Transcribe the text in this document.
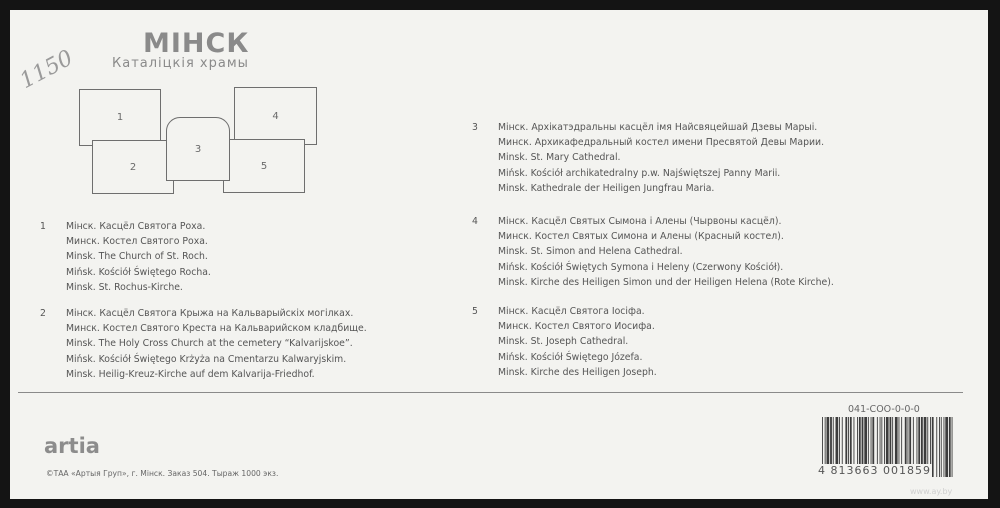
МІНСК
Каталіцкія храмы
1150
1	4
2	5
3
1 Мінск. Касцёл Святога Роха.
Минск. Костел Святого Роха.
Minsk. The Church of St. Roch.
Mińsk. Kościół Świętego Rocha.
Minsk. St. Rochus-Kirche.
2 Мінск. Касцёл Святога Крыжа на Кальварыйскіх могілках.
Минск. Костел Святого Креста на Кальварийском кладбище.
Minsk. The Holy Cross Church at the cemetery “Kalvarijskoe”.
Mińsk. Kościół Świętego Krżyża na Cmentarzu Kalwaryjskim.
Minsk. Heilig-Kreuz-Kirche auf dem Kalvarija-Friedhof.
3 Мінск. Архікатэдральны касцёл імя Найсвяцейшай Дзевы Марыі.
Минск. Архикафедральный костел имени Пресвятой Девы Марии.
Minsk. St. Mary Cathedral.
Mińsk. Kościół archikatedralny p.w. Najświętszej Panny Marii.
Minsk. Kathedrale der Heiligen Jungfrau Maria.
4 Мінск. Касцёл Святых Сымона і Алены (Чырвоны касцёл).
Минск. Костел Святых Симона и Алены (Красный костел).
Minsk. St. Simon and Helena Cathedral.
Mińsk. Kościół Świętych Symona i Heleny (Czerwony Kościół).
Minsk. Kirche des Heiligen Simon und der Heiligen Helena (Rote Kirche).
5 Мінск. Касцёл Святога Іосіфа.
Минск. Костел Святого Иосифа.
Minsk. St. Joseph Cathedral.
Mińsk. Kościół Świętego Józefa.
Minsk. Kirche des Heiligen Joseph.
041-COO-0-0-0
4 813663 001859
artia
©ТАА «Артыя Груп», г. Мінск. Заказ 504. Тыраж 1000 экз.
www.ay.by
